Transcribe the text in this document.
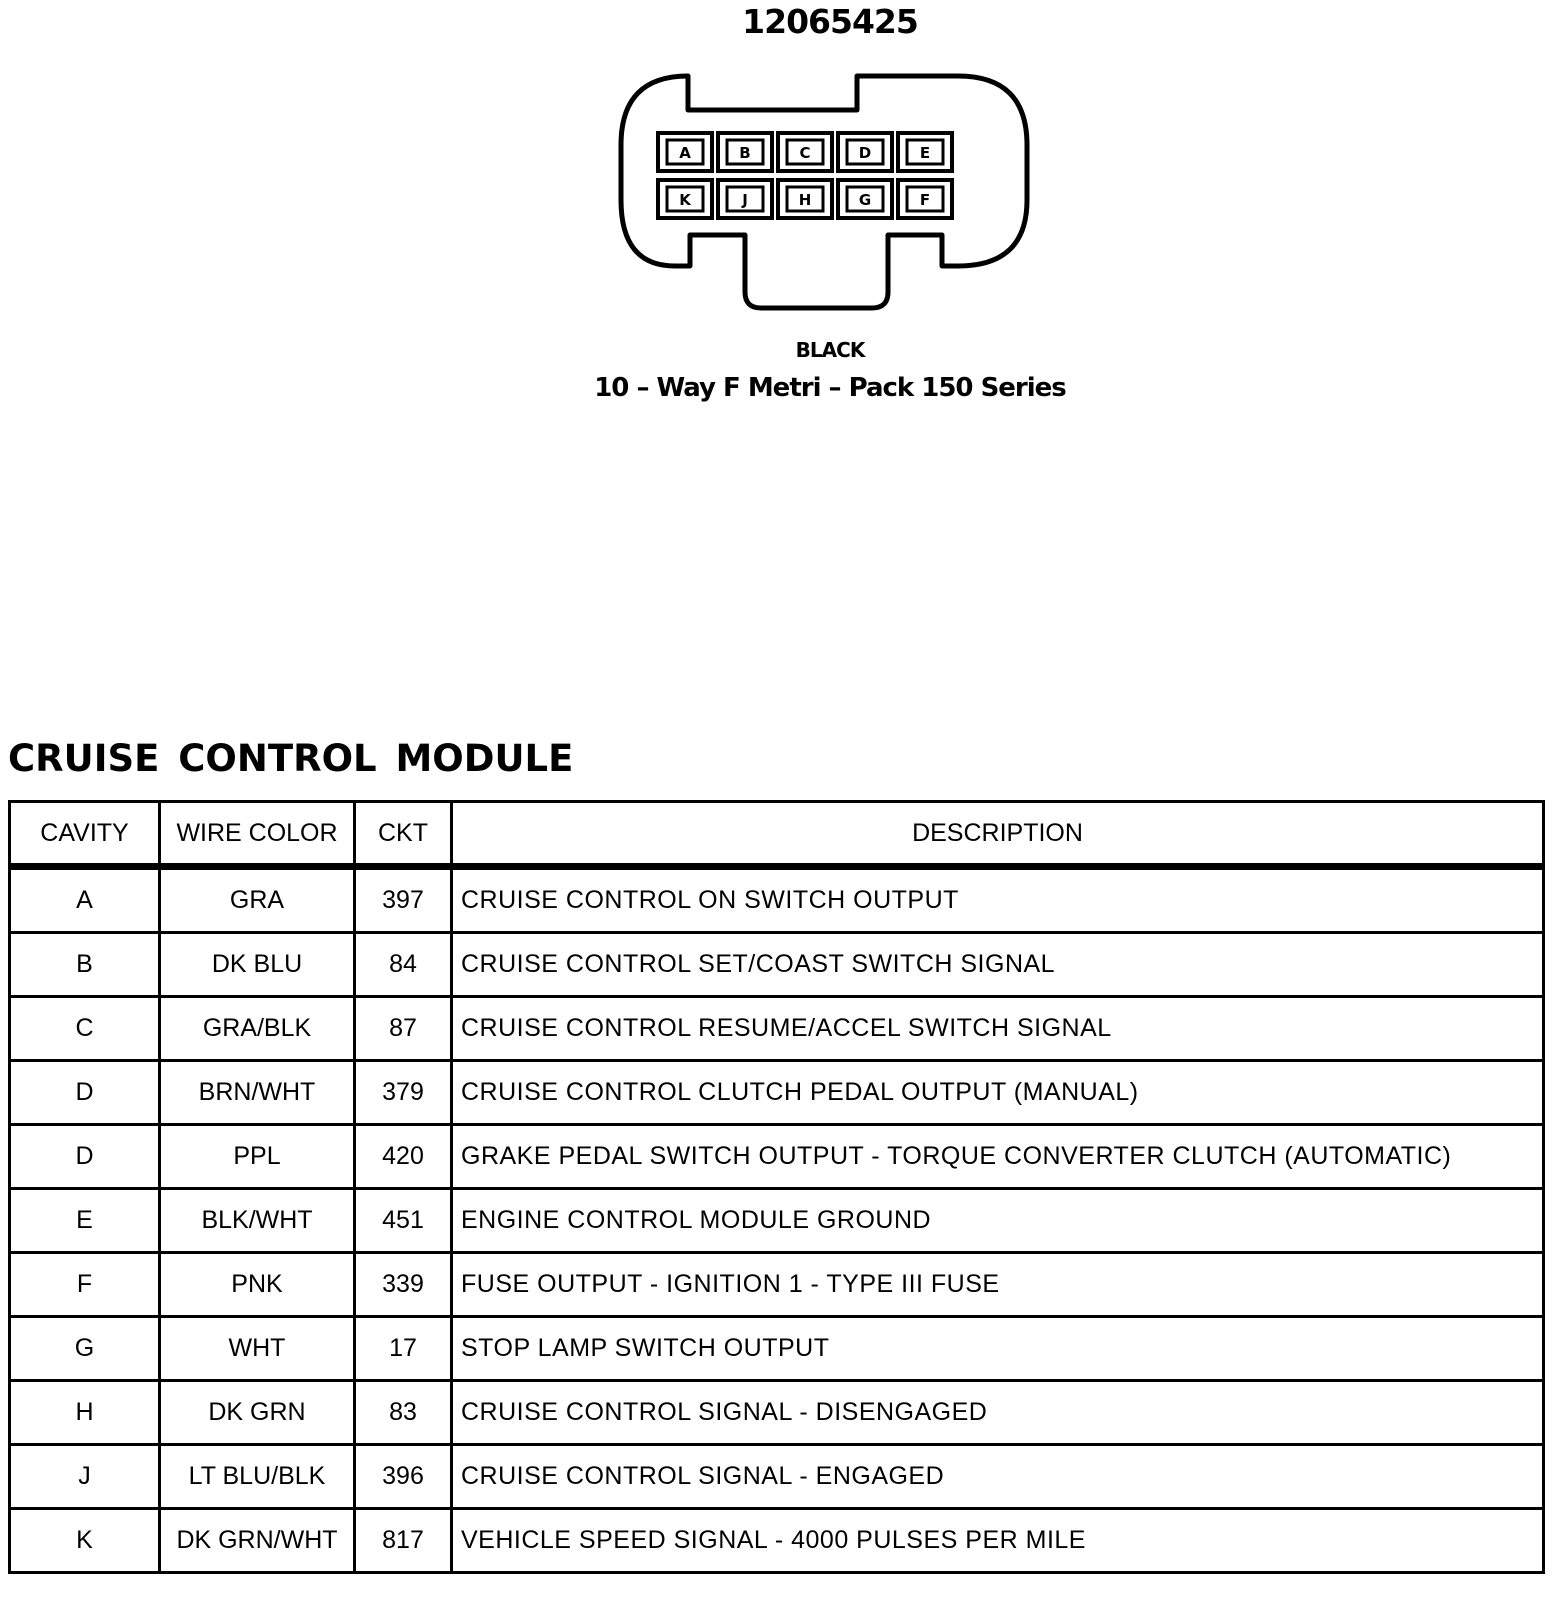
12065425
A	B	C	D	E
K	J	H	G	F
BLACK
10 – Way F Metri – Pack 150 Series
CRUISE CONTROL MODULE
CAVITY	WIRE COLOR	CKT	DESCRIPTION
A	GRA	397	CRUISE CONTROL ON SWITCH OUTPUT
B	DK BLU	84	CRUISE CONTROL SET/COAST SWITCH SIGNAL
C	GRA/BLK	87	CRUISE CONTROL RESUME/ACCEL SWITCH SIGNAL
D	BRN/WHT	379	CRUISE CONTROL CLUTCH PEDAL OUTPUT (MANUAL)
D	PPL	420	GRAKE PEDAL SWITCH OUTPUT - TORQUE CONVERTER CLUTCH (AUTOMATIC)
E	BLK/WHT	451	ENGINE CONTROL MODULE GROUND
F	PNK	339	FUSE OUTPUT - IGNITION 1 - TYPE III FUSE
G	WHT	17	STOP LAMP SWITCH OUTPUT
H	DK GRN	83	CRUISE CONTROL SIGNAL - DISENGAGED
J	LT BLU/BLK	396	CRUISE CONTROL SIGNAL - ENGAGED
K	DK GRN/WHT	817	VEHICLE SPEED SIGNAL - 4000 PULSES PER MILE
